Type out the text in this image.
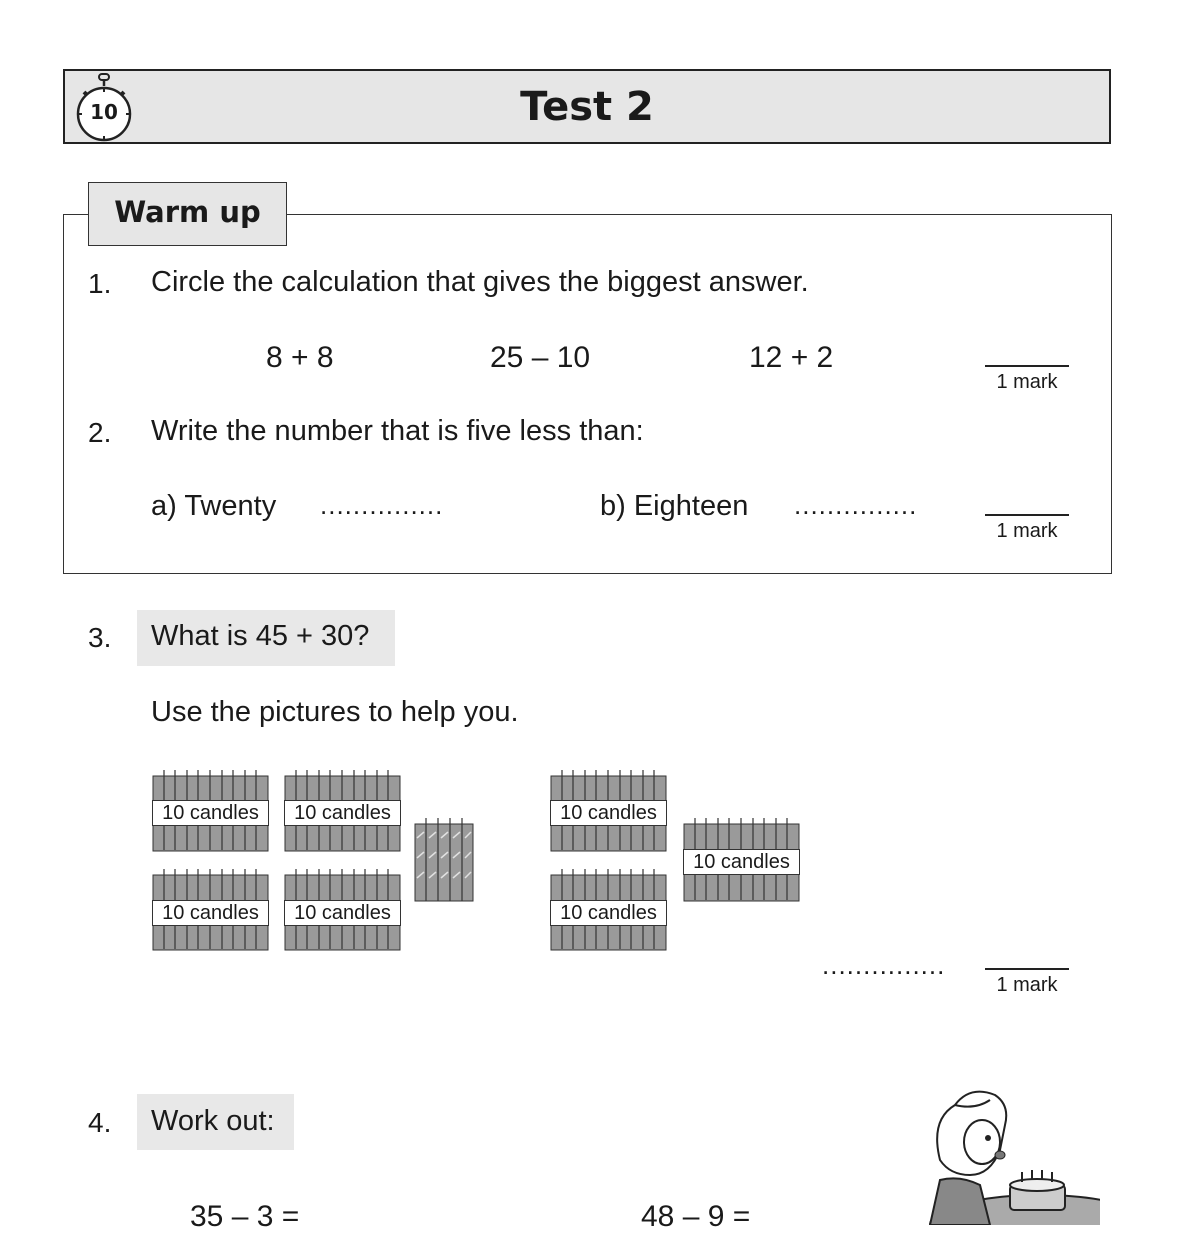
10	Test 2
Warm up
1. Circle the calculation that gives the biggest answer.
8 + 8	25 – 10	12 + 2
1 mark
2. Write the number that is five less than:
a) Twenty ...............	b) Eighteen ...............
1 mark
3. What is 45 + 30?
Use the pictures to help you.
10 candles	10 candles
10 candles	10 candles
10 candles
10 candles
10 candles
...............
1 mark
4. Work out:
35 – 3 =	48 – 9 =
